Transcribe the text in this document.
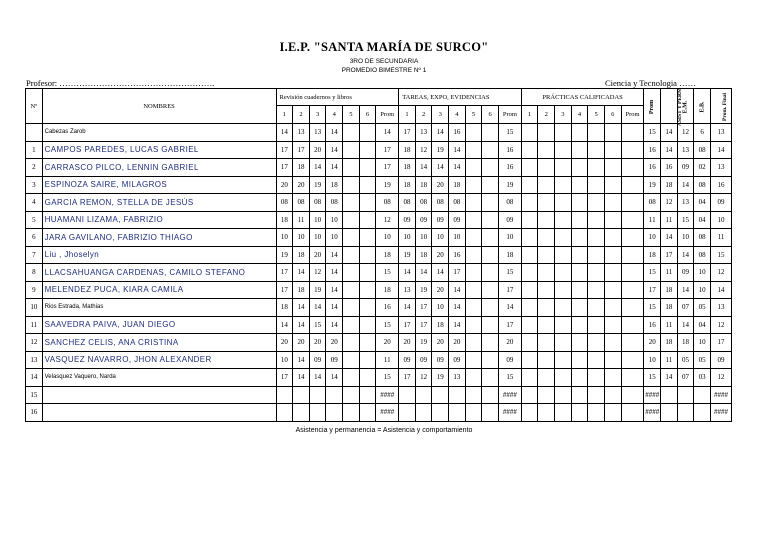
I.E.P. "SANTA MARÍA DE SURCO"
3RO DE SECUNDARIA
PROMEDIO BIMESTRE Nº 1
Profesor: ……………………………………………….	Ciencia y Tecnologia ……
Nº	NOMBRES	Revisión cuadernos y libros							TAREAS, EXPO, EVIDENCIAS							PRÁCTICAS CALIFICADAS							Prom	ASIST Y PERM	E.M.	E.B.	Prom. Final
		1	2	3	4	5	6	Prom	1	2	3	4	5	6	Prom	1	2	3	4	5	6	Prom					
	Cabezas Zarob	14	13	13	14			14	17	13	14	16			15								15	14	12	6	13
1	CAMPOS PAREDES, LUCAS GABRIEL	17	17	20	14			17	18	12	19	14			16								16	14	13	08	14
2	CARRASCO PILCO, LENNIN GABRIEL	17	18	14	14			17	18	14	14	14			16								16	16	09	02	13
3	ESPINOZA SAIRE, MILAGROS	20	20	19	18			19	18	18	20	18			19								19	18	14	08	16
4	GARCIA REMON, STELLA DE JESÚS	08	08	08	08			08	08	08	08	08			08								08	12	13	04	09
5	HUAMANI LIZAMA, FABRIZIO	18	11	10	10			12	09	09	09	09			09								11	11	15	04	10
6	JARA GAVILANO, FABRIZIO THIAGO	10	10	10	10			10	10	10	10	10			10								10	14	10	08	11
7	Liu , Jhoselyn	19	18	20	14			18	19	18	20	16			18								18	17	14	08	15
8	LLACSAHUANGA CARDENAS, CAMILO STEFANO	17	14	12	14			15	14	14	14	17			15								15	11	09	10	12
9	MELENDEZ PUCA, KIARA CAMILA	17	18	19	14			18	13	19	20	14			17								17	18	14	10	14
10	Rios Estrada, Mathias	18	14	14	14			16	14	17	10	14			14								15	18	07	05	13
11	SAAVEDRA PAIVA, JUAN DIEGO	14	14	15	14			15	17	17	18	14			17								16	11	14	04	12
12	SANCHEZ CELIS, ANA CRISTINA	20	20	20	20			20	20	19	20	20			20								20	18	18	10	17
13	VASQUEZ NAVARRO, JHON ALEXANDER	10	14	09	09			11	09	09	09	09			09								10	11	05	05	09
14	Velasquez Vaquero, Narda	17	14	14	14			15	17	12	19	13			15								15	14	07	03	12
15								####							####								####				####
16								####							####								####				####
Asistencia y permanencia = Asistencia y comportamiento
